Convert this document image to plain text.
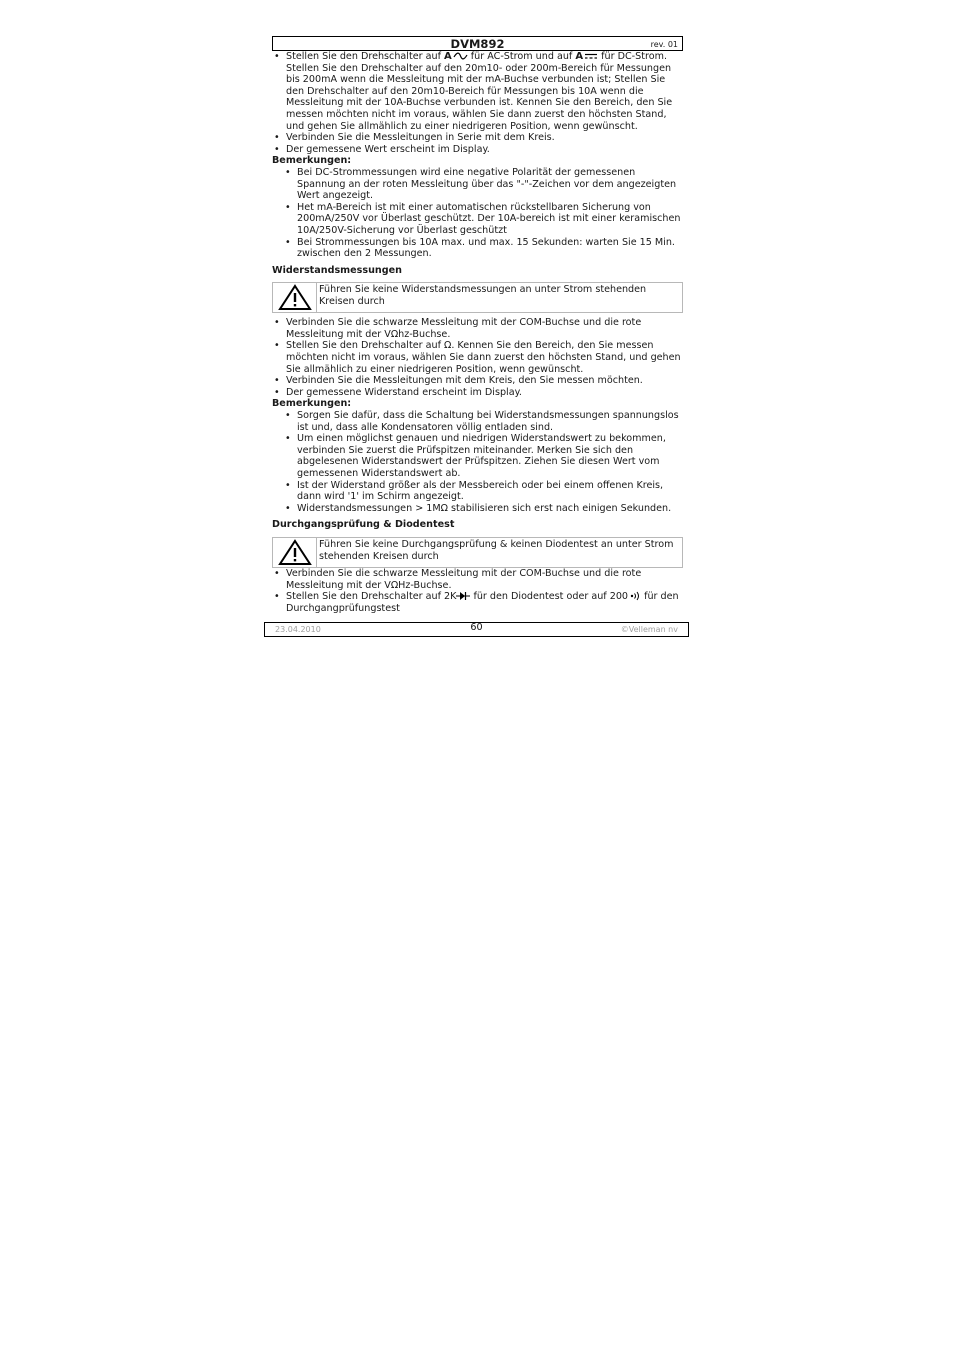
DVM892	rev. 01
• Stellen Sie den Drehschalter auf A für AC-Strom und auf A für DC-Strom. Stellen Sie den Drehschalter auf den 20m10- oder 200m-Bereich für Messungen bis 200mA wenn die Messleitung mit der mA-Buchse verbunden ist; Stellen Sie den Drehschalter auf den 20m10-Bereich für Messungen bis 10A wenn die Messleitung mit der 10A-Buchse verbunden ist. Kennen Sie den Bereich, den Sie messen möchten nicht im voraus, wählen Sie dann zuerst den höchsten Stand, und gehen Sie allmählich zu einer niedrigeren Position, wenn gewünscht.
• Verbinden Sie die Messleitungen in Serie mit dem Kreis.
• Der gemessene Wert erscheint im Display.
Bemerkungen:
• Bei DC-Strommessungen wird eine negative Polarität der gemessenen Spannung an der roten Messleitung über das "-"-Zeichen vor dem angezeigten Wert angezeigt.
• Het mA-Bereich ist mit einer automatischen rückstellbaren Sicherung von 200mA/250V vor Überlast geschützt. Der 10A-bereich ist mit einer keramischen 10A/250V-Sicherung vor Überlast geschützt
• Bei Strommessungen bis 10A max. und max. 15 Sekunden: warten Sie 15 Min. zwischen den 2 Messungen.
Widerstandsmessungen
Führen Sie keine Widerstandsmessungen an unter Strom stehenden Kreisen durch
• Verbinden Sie die schwarze Messleitung mit der COM-Buchse und die rote Messleitung mit der VΩhz-Buchse.
• Stellen Sie den Drehschalter auf Ω. Kennen Sie den Bereich, den Sie messen möchten nicht im voraus, wählen Sie dann zuerst den höchsten Stand, und gehen Sie allmählich zu einer niedrigeren Position, wenn gewünscht.
• Verbinden Sie die Messleitungen mit dem Kreis, den Sie messen möchten.
• Der gemessene Widerstand erscheint im Display.
Bemerkungen:
• Sorgen Sie dafür, dass die Schaltung bei Widerstandsmessungen spannungslos ist und, dass alle Kondensatoren völlig entladen sind.
• Um einen möglichst genauen und niedrigen Widerstandswert zu bekommen, verbinden Sie zuerst die Prüfspitzen miteinander. Merken Sie sich den abgelesenen Widerstandswert der Prüfspitzen. Ziehen Sie diesen Wert vom gemessenen Widerstandswert ab.
• Ist der Widerstand größer als der Messbereich oder bei einem offenen Kreis, dann wird '1' im Schirm angezeigt.
• Widerstandsmessungen > 1MΩ stabilisieren sich erst nach einigen Sekunden.
Durchgangsprüfung & Diodentest
Führen Sie keine Durchgangsprüfung & keinen Diodentest an unter Strom stehenden Kreisen durch
• Verbinden Sie die schwarze Messleitung mit der COM-Buchse und die rote Messleitung mit der VΩHz-Buchse.
• Stellen Sie den Drehschalter auf 2K für den Diodentest oder auf 200 für den Durchgangprüfungstest
23.04.2010	60	©Velleman nv
